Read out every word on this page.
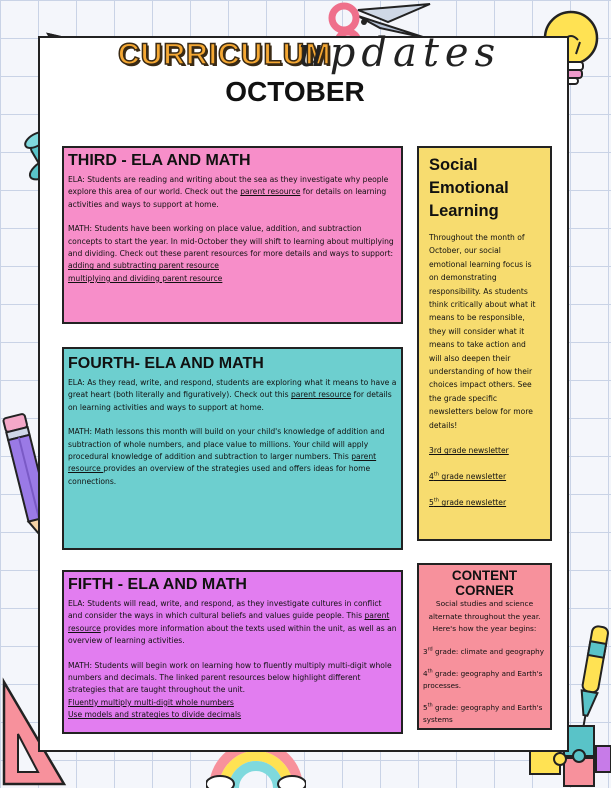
CURRICULUM
updates
OCTOBER
THIRD - ELA AND MATH

ELA: Students are reading and writing about the sea as they investigate why people explore this area of our world. Check out the parent resource for details on learning activities and ways to support at home.

MATH: Students have been working on place value, addition, and subtraction concepts to start the year. In mid-October they will shift to learning about multiplying and dividing. Check out these parent resources for more details and ways to support:

adding and subtracting parent resource

multiplying and dividing parent resource

FOURTH- ELA AND MATH

ELA: As they read, write, and respond, students are exploring what it means to have a great heart (both literally and figuratively). Check out this parent resource for details on learning activities and ways to support at home.

MATH: Math lessons this month will build on your child's knowledge of addition and subtraction of whole numbers, and place value to millions. Your child will apply procedural knowledge of addition and subtraction to larger numbers. This parent resource provides an overview of the strategies used and offers ideas for home connections.

FIFTH - ELA AND MATH

ELA: Students will read, write, and respond, as they investigate cultures in conflict and consider the ways in which cultural beliefs and values guide people. This parent resource provides more information about the texts used within the unit, as well as an overview of learning activities.

MATH: Students will begin work on learning how to fluently multiply multi-digit whole numbers and decimals. The linked parent resources below highlight different strategies that are taught throughout the unit.

Fluently multiply multi-digit whole numbers

Use models and strategies to divide decimals

Social
Emotional
Learning

Throughout the month of October, our social emotional learning focus is on demonstrating responsibility. As students think critically about what it means to be responsible, they will consider what it means to take action and will also deepen their understanding of how their choices impact others. See the grade specific newsletters below for more details!

3rd grade newsletter
4th grade newsletter
5th grade newsletter
CONTENT CORNER

Social studies and science alternate throughout the year. Here's how the year begins:

3rd grade: climate and geography

4th grade: geography and Earth's processes.

5th grade: geography and Earth's systems
